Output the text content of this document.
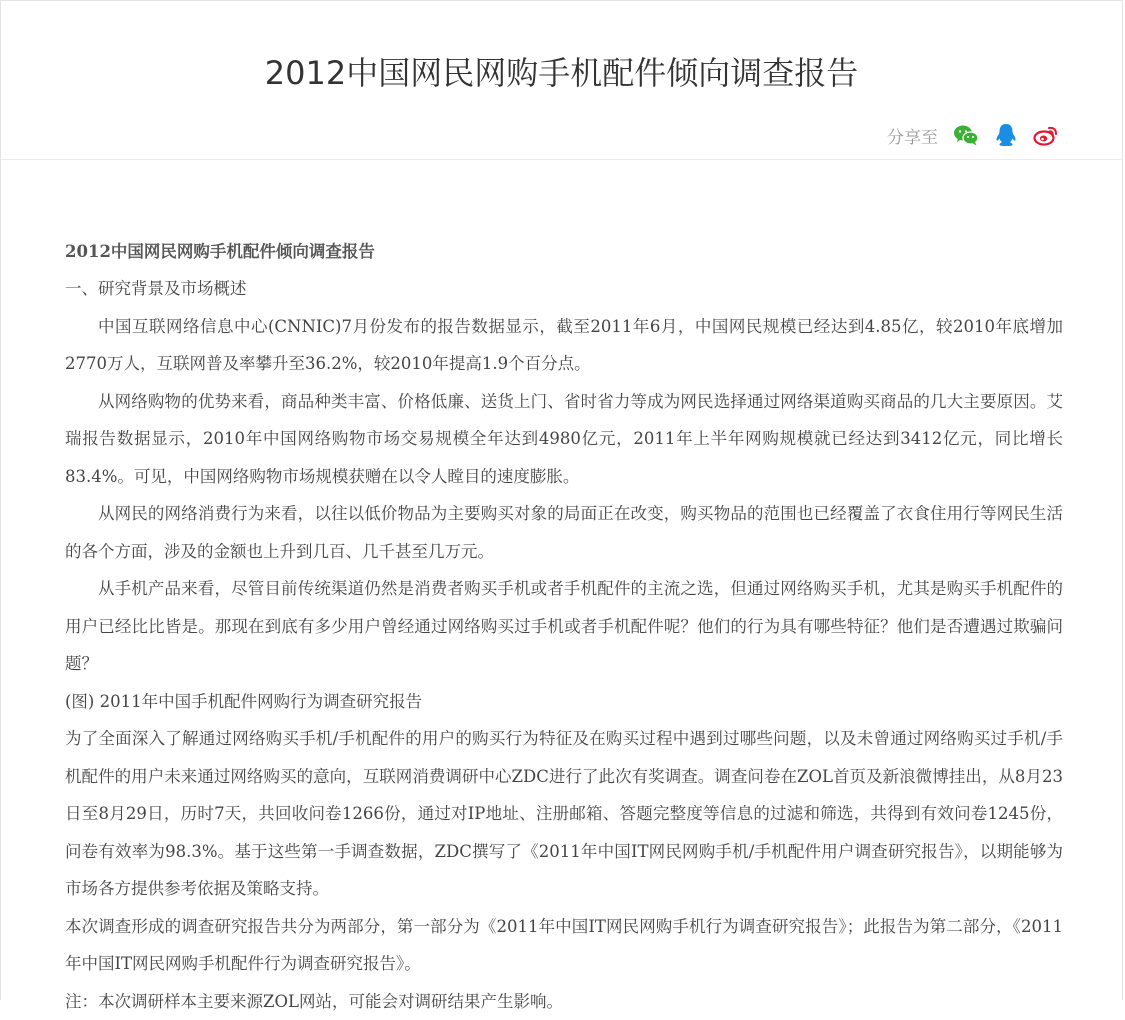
2012中国网民网购手机配件倾向调查报告
分享至

2012中国网民网购手机配件倾向调查报告

一、研究背景及市场概述

中国互联网络信息中心(CNNIC)7月份发布的报告数据显示，截至2011年6月，中国网民规模已经达到4.85亿，较2010年底增加2770万人，互联网普及率攀升至36.2%，较2010年提高1.9个百分点。

从网络购物的优势来看，商品种类丰富、价格低廉、送货上门、省时省力等成为网民选择通过网络渠道购买商品的几大主要原因。艾瑞报告数据显示，2010年中国网络购物市场交易规模全年达到4980亿元，2011年上半年网购规模就已经达到3412亿元，同比增长83.4%。可见，中国网络购物市场规模获赠在以令人瞠目的速度膨胀。

从网民的网络消费行为来看，以往以低价物品为主要购买对象的局面正在改变，购买物品的范围也已经覆盖了衣食住用行等网民生活的各个方面，涉及的金额也上升到几百、几千甚至几万元。

从手机产品来看，尽管目前传统渠道仍然是消费者购买手机或者手机配件的主流之选，但通过网络购买手机，尤其是购买手机配件的用户已经比比皆是。那现在到底有多少用户曾经通过网络购买过手机或者手机配件呢？他们的行为具有哪些特征？他们是否遭遇过欺骗问题？

(图) 2011年中国手机配件网购行为调查研究报告

为了全面深入了解通过网络购买手机/手机配件的用户的购买行为特征及在购买过程中遇到过哪些问题，以及未曾通过网络购买过手机/手机配件的用户未来通过网络购买的意向，互联网消费调研中心ZDC进行了此次有奖调查。调查问卷在ZOL首页及新浪微博挂出，从8月23日至8月29日，历时7天，共回收问卷1266份，通过对IP地址、注册邮箱、答题完整度等信息的过滤和筛选，共得到有效问卷1245份，问卷有效率为98.3%。基于这些第一手调查数据，ZDC撰写了《2011年中国IT网民网购手机/手机配件用户调查研究报告》，以期能够为市场各方提供参考依据及策略支持。

本次调查形成的调查研究报告共分为两部分，第一部分为《2011年中国IT网民网购手机行为调查研究报告》；此报告为第二部分，《2011年中国IT网民网购手机配件行为调查研究报告》。

注：本次调研样本主要来源ZOL网站，可能会对调研结果产生影响。
